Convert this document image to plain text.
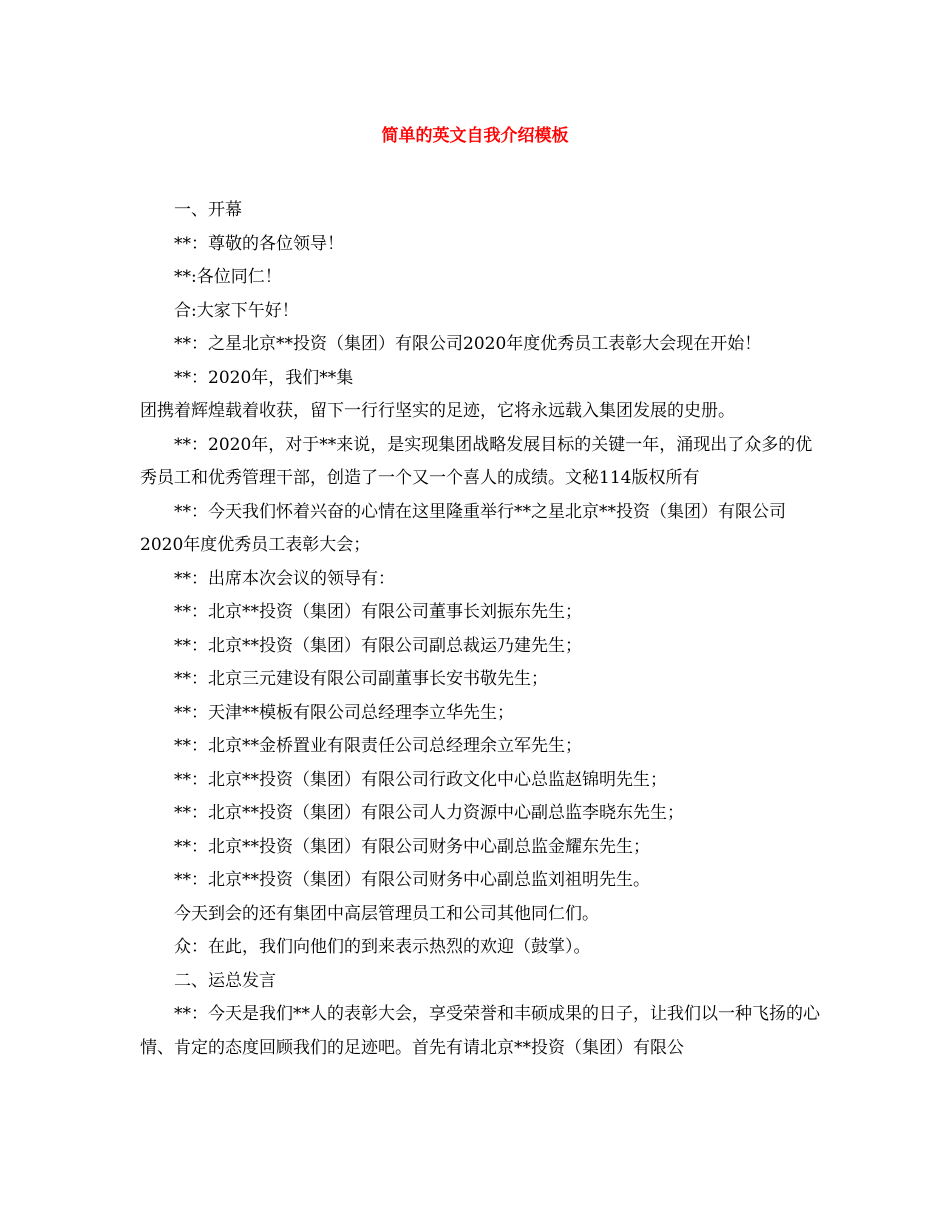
简单的英文自我介绍模板

一、开幕

**：尊敬的各位领导！

**:各位同仁！

合:大家下午好！

**：之星北京**投资（集团）有限公司2020年度优秀员工表彰大会现在开始！

**：2020年，我们**集

团携着辉煌载着收获，留下一行行坚实的足迹，它将永远载入集团发展的史册。

**：2020年，对于**来说，是实现集团战略发展目标的关键一年，涌现出了众多的优秀员工和优秀管理干部，创造了一个又一个喜人的成绩。文秘114版权所有

**：今天我们怀着兴奋的心情在这里隆重举行**之星北京**投资（集团）有限公司2020年度优秀员工表彰大会；

**：出席本次会议的领导有：

**：北京**投资（集团）有限公司董事长刘振东先生；

**：北京**投资（集团）有限公司副总裁运乃建先生；

**：北京三元建设有限公司副董事长安书敬先生；

**：天津**模板有限公司总经理李立华先生；

**：北京**金桥置业有限责任公司总经理余立军先生；

**：北京**投资（集团）有限公司行政文化中心总监赵锦明先生；

**：北京**投资（集团）有限公司人力资源中心副总监李晓东先生；

**：北京**投资（集团）有限公司财务中心副总监金耀东先生；

**：北京**投资（集团）有限公司财务中心副总监刘祖明先生。

今天到会的还有集团中高层管理员工和公司其他同仁们。

众：在此，我们向他们的到来表示热烈的欢迎（鼓掌）。

二、运总发言

**：今天是我们**人的表彰大会，享受荣誉和丰硕成果的日子，让我们以一种飞扬的心情、肯定的态度回顾我们的足迹吧。首先有请北京**投资（集团）有限公
